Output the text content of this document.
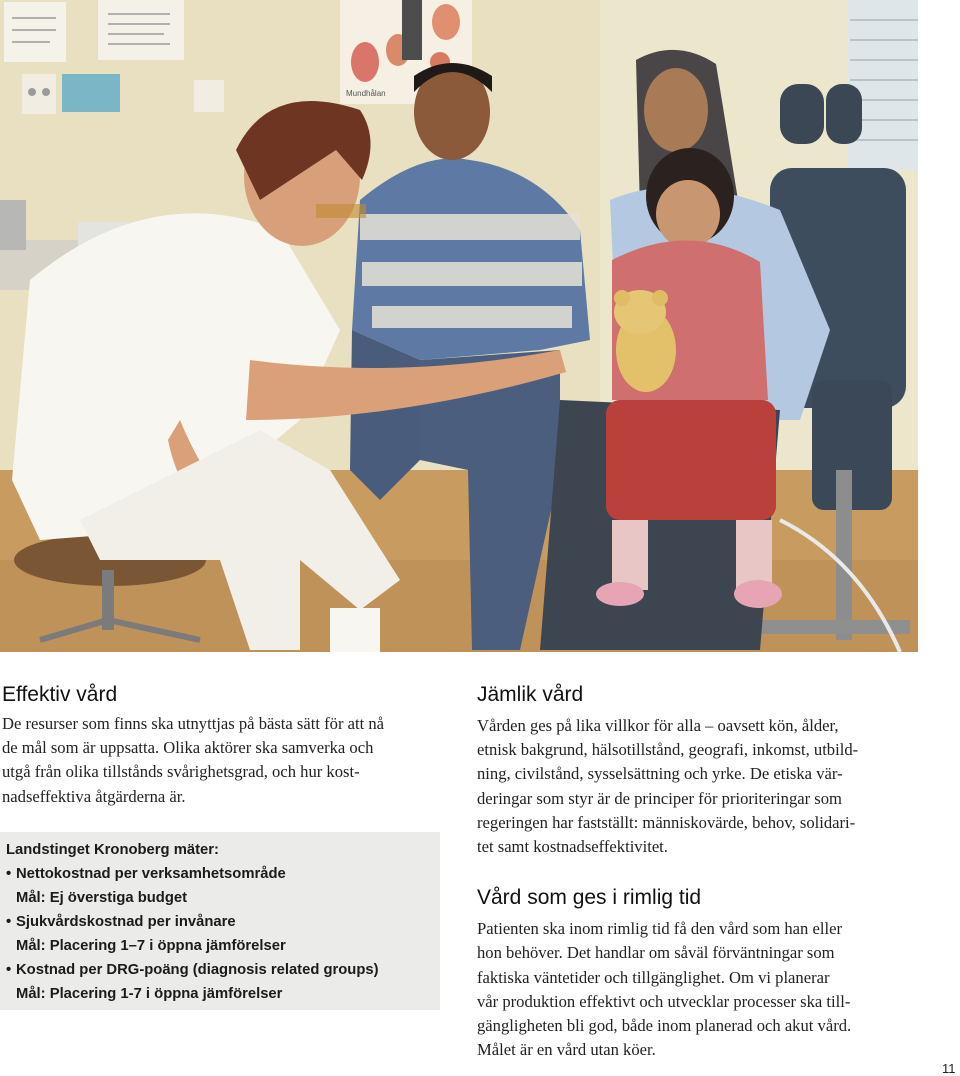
Mundhålan
Effektiv vård

De resurser som finns ska utnyttjas på bästa sätt för att nå
de mål som är uppsatta. Olika aktörer ska samverka och
utgå från olika tillstånds svårighetsgrad, och hur kost-
nadseffektiva åtgärderna är.

Landstinget Kronoberg mäter:
• Nettokostnad per verksamhetsområde
Mål: Ej överstiga budget
• Sjukvårdskostnad per invånare
Mål: Placering 1–7 i öppna jämförelser
• Kostnad per DRG-poäng (diagnosis related groups)
Mål: Placering 1-7 i öppna jämförelser
Jämlik vård

Vården ges på lika villkor för alla – oavsett kön, ålder,
etnisk bakgrund, hälsotillstånd, geografi, inkomst, utbild-
ning, civilstånd, sysselsättning och yrke. De etiska vär-
deringar som styr är de principer för prioriteringar som
regeringen har fastställt: människovärde, behov, solidari-
tet samt kostnadseffektivitet.

Vård som ges i rimlig tid

Patienten ska inom rimlig tid få den vård som han eller
hon behöver. Det handlar om såväl förväntningar som
faktiska väntetider och tillgänglighet. Om vi planerar
vår produktion effektivt och utvecklar processer ska till-
gängligheten bli god, både inom planerad och akut vård.
Målet är en vård utan köer.

11
